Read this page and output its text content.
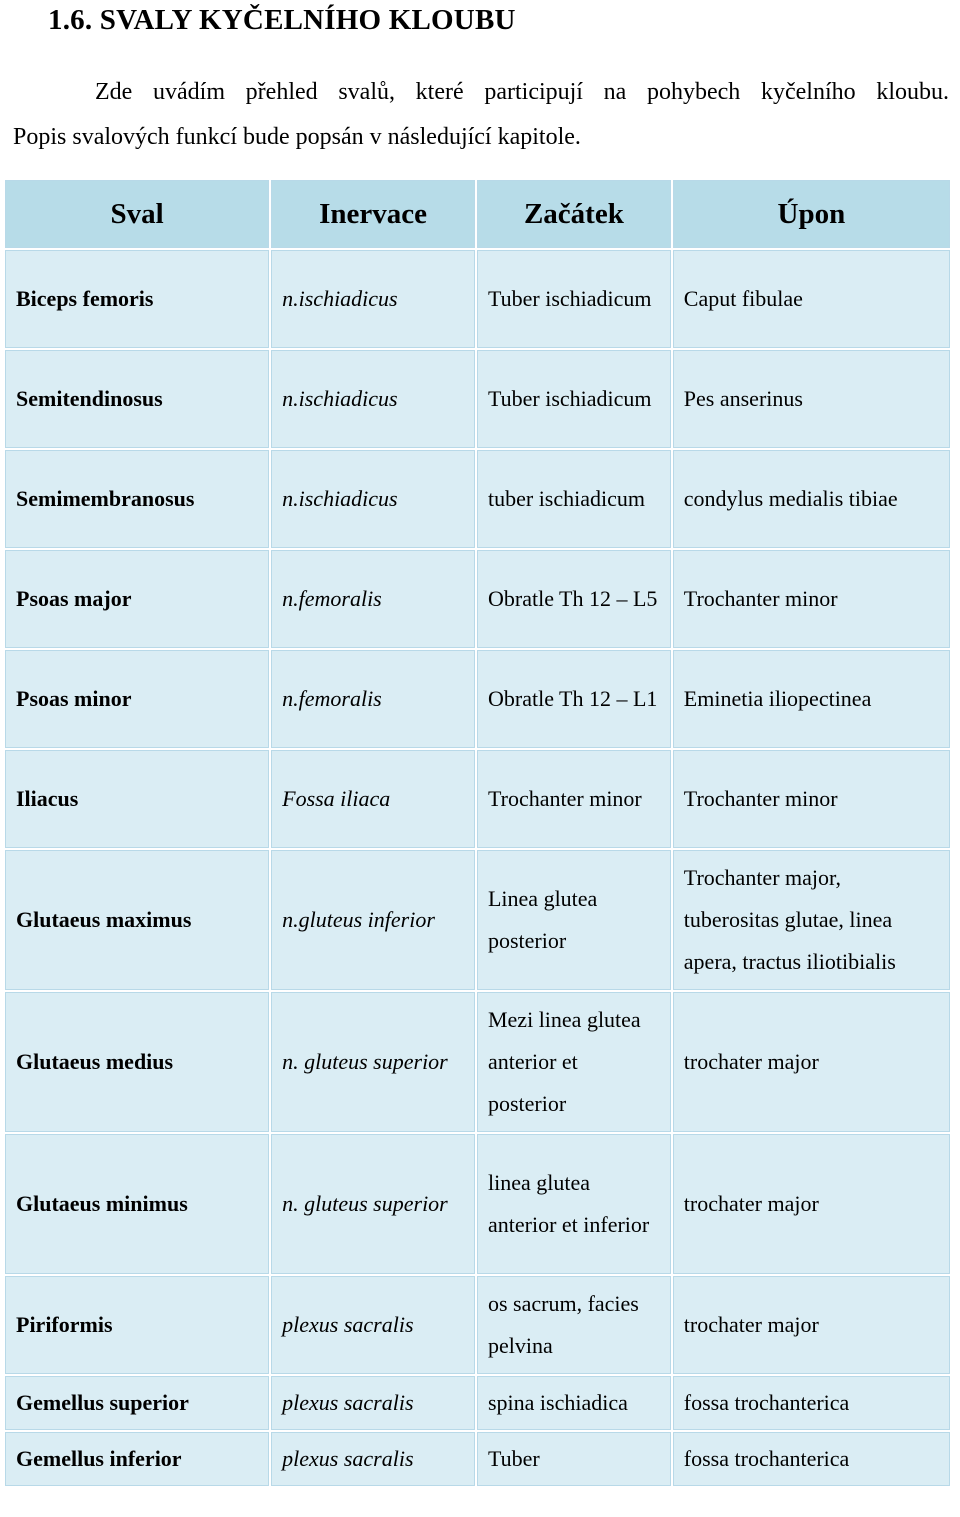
1.6. SVALY KYČELNÍHO KLOUBU

Zde uvádím přehled svalů, které participují na pohybech kyčelního kloubu.
Popis svalových funkcí bude popsán v následující kapitole.

Sval	Inervace	Začátek	Úpon
Biceps femoris	n.ischiadicus	Tuber ischiadicum	Caput fibulae
Semitendinosus	n.ischiadicus	Tuber ischiadicum	Pes anserinus
Semimembranosus	n.ischiadicus	tuber ischiadicum	condylus medialis tibiae
Psoas major	n.femoralis	Obratle Th 12 – L5	Trochanter minor
Psoas minor	n.femoralis	Obratle Th 12 – L1	Eminetia iliopectinea
Iliacus	Fossa iliaca	Trochanter minor	Trochanter minor
Glutaeus maximus	n.gluteus inferior	Linea glutea posterior	Trochanter major, tuberositas glutae, linea apera, tractus iliotibialis
Glutaeus medius	n. gluteus superior	Mezi linea glutea anterior et posterior	trochater major
Glutaeus minimus	n. gluteus superior	linea glutea anterior et inferior	trochater major
Piriformis	plexus sacralis	os sacrum, facies pelvina	trochater major
Gemellus superior	plexus sacralis	spina ischiadica	fossa trochanterica
Gemellus inferior	plexus sacralis	Tuber	fossa trochanterica
